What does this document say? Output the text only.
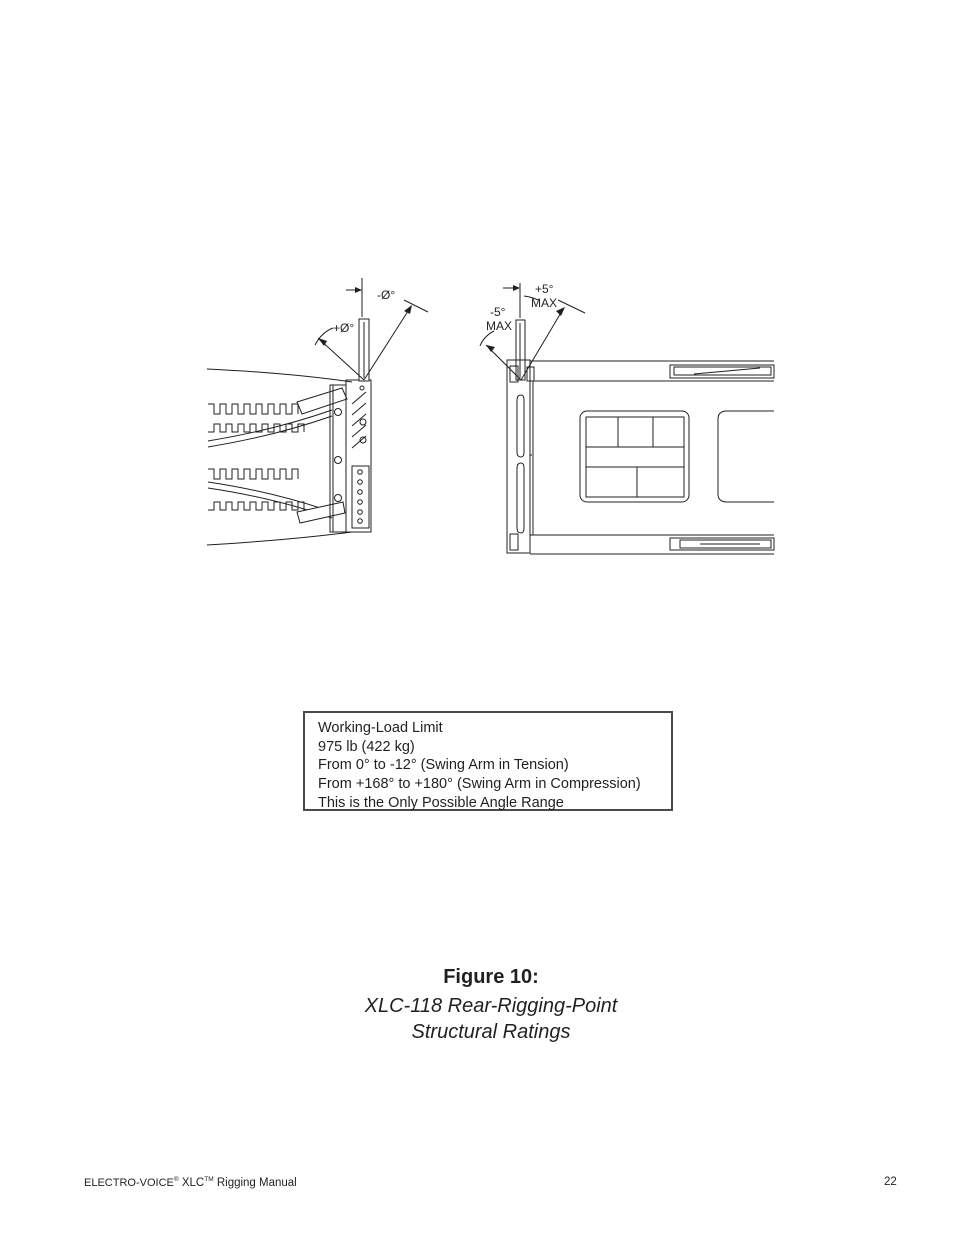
-Ø°
+Ø°
+5°
MAX
-5°
MAX
Working-Load Limit
975 lb (422 kg)
From 0° to -12° (Swing Arm in Tension)
From +168° to +180° (Swing Arm in Compression)
This is the Only Possible Angle Range
Figure 10:
XLC-118 Rear-Rigging-Point
Structural Ratings
ELECTRO-VOICE® XLC™ Rigging Manual	22
